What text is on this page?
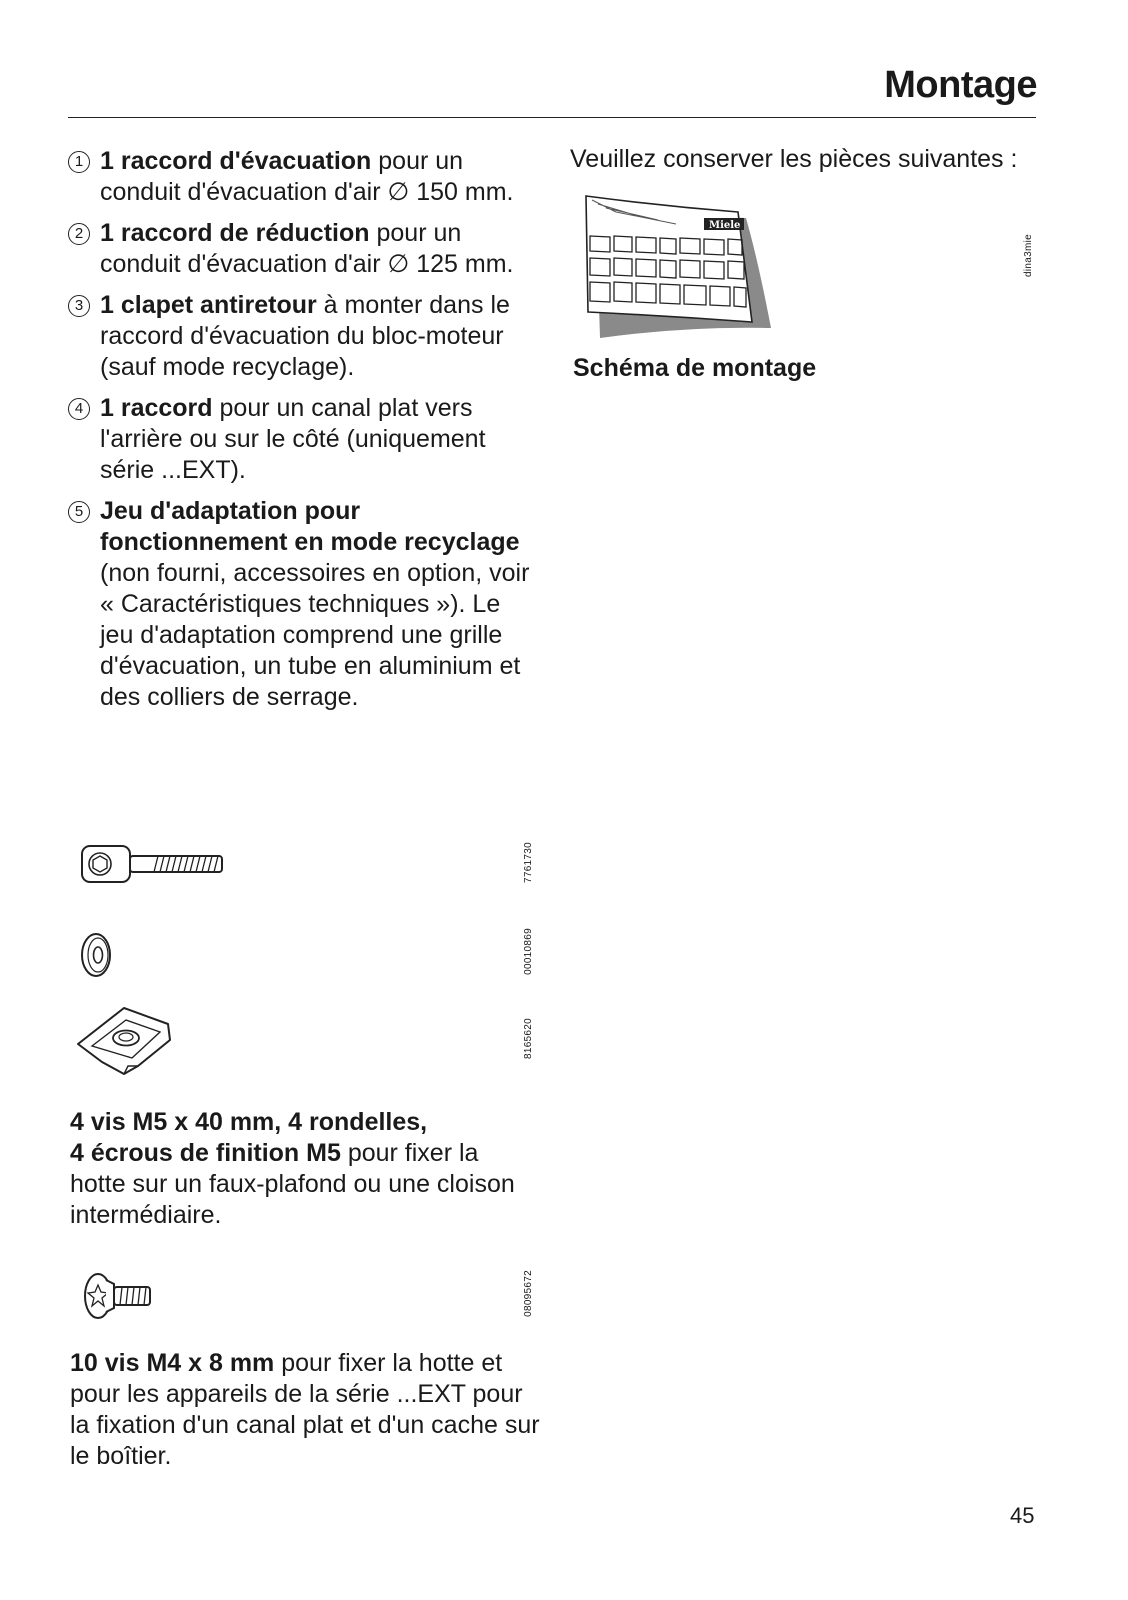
Montage
1 1 raccord d'évacuation pour un conduit d'évacuation d'air ∅ 150 mm.
2 1 raccord de réduction pour un conduit d'évacuation d'air ∅ 125 mm.
3 1 clapet antiretour à monter dans le raccord d'évacuation du bloc-moteur (sauf mode recyclage).
4 1 raccord pour un canal plat vers l'arrière ou sur le côté (uniquement série ...EXT).
5 Jeu d'adaptation pour fonctionnement en mode recyclage (non fourni, accessoires en option, voir « Caractéristiques techniques »). Le jeu d'adaptation comprend une grille d'évacuation, un tube en aluminium et des colliers de serrage.
7761730
00010869
8165620
4 vis M5 x 40 mm, 4 rondelles,
4 écrous de finition M5 pour fixer la hotte sur un faux-plafond ou une cloison intermédiaire.
08095672
10 vis M4 x 8 mm pour fixer la hotte et pour les appareils de la série ...EXT pour la fixation d'un canal plat et d'un cache sur le boîtier.
Veuillez conserver les pièces suivantes :
Miele
dina3mie
Schéma de montage
45
